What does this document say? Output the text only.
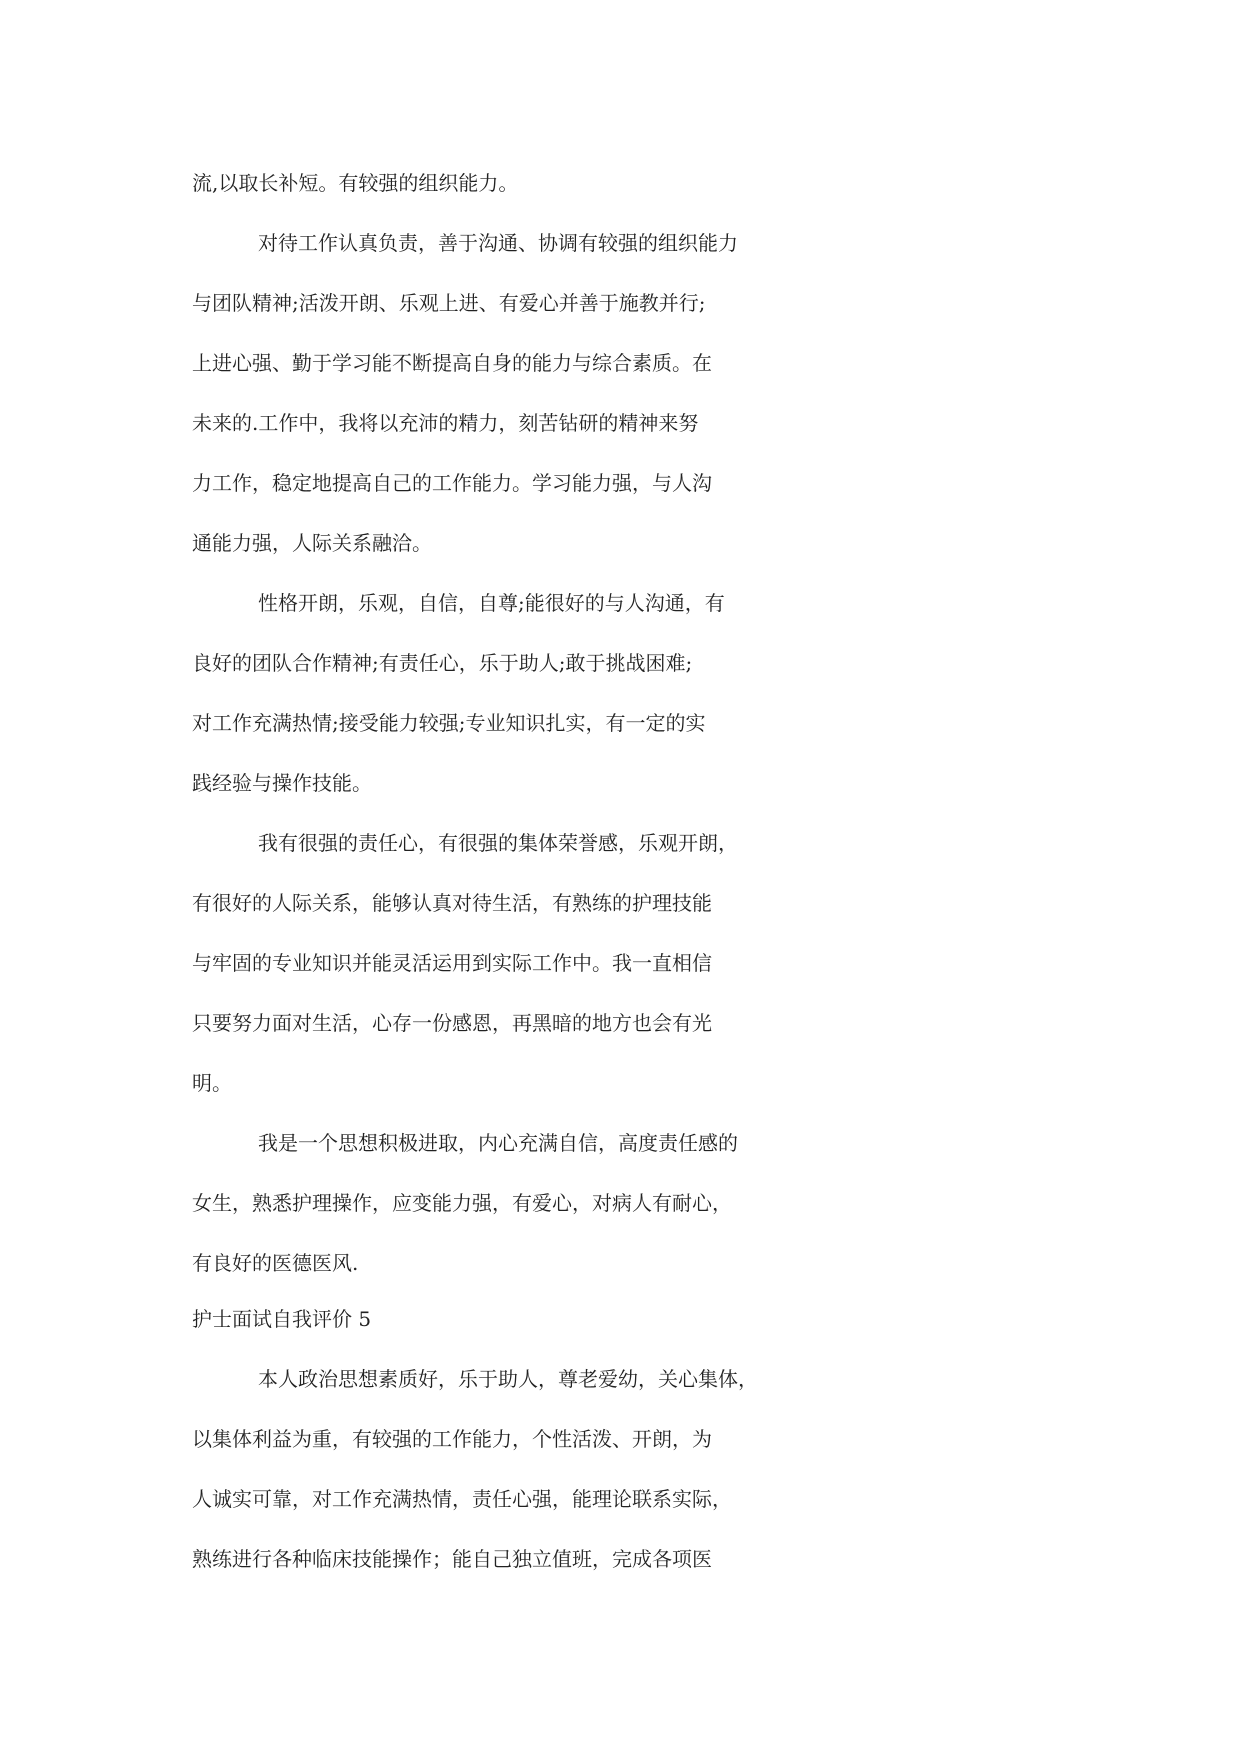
流,以取长补短。有较强的组织能力。
对待工作认真负责，善于沟通、协调有较强的组织能力
与团队精神;活泼开朗、乐观上进、有爱心并善于施教并行;
上进心强、勤于学习能不断提高自身的能力与综合素质。在
未来的.工作中，我将以充沛的精力，刻苦钻研的精神来努
力工作，稳定地提高自己的工作能力。学习能力强，与人沟
通能力强，人际关系融洽。
性格开朗，乐观，自信，自尊;能很好的与人沟通，有
良好的团队合作精神;有责任心，乐于助人;敢于挑战困难;
对工作充满热情;接受能力较强;专业知识扎实，有一定的实
践经验与操作技能。
我有很强的责任心，有很强的集体荣誉感，乐观开朗，
有很好的人际关系，能够认真对待生活，有熟练的护理技能
与牢固的专业知识并能灵活运用到实际工作中。我一直相信
只要努力面对生活，心存一份感恩，再黑暗的地方也会有光
明。
我是一个思想积极进取，内心充满自信，高度责任感的
女生，熟悉护理操作，应变能力强，有爱心，对病人有耐心，
有良好的医德医风.
护士面试自我评价 5
本人政治思想素质好，乐于助人，尊老爱幼，关心集体，
以集体利益为重，有较强的工作能力，个性活泼、开朗，为
人诚实可靠，对工作充满热情，责任心强，能理论联系实际，
熟练进行各种临床技能操作；能自己独立值班，完成各项医
